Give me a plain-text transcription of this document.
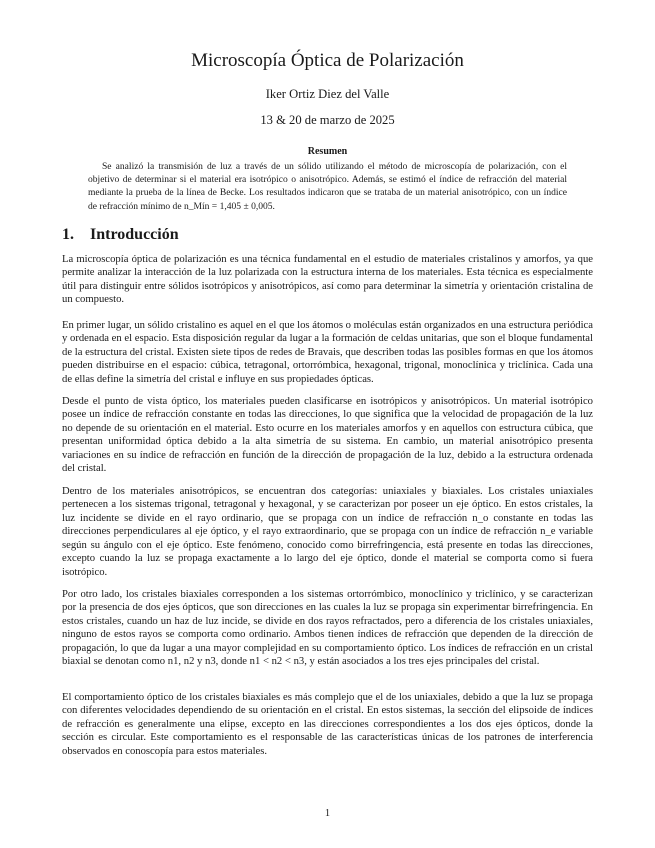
Microscopía Óptica de Polarización
Iker Ortiz Diez del Valle
13 & 20 de marzo de 2025
Resumen

Se analizó la transmisión de luz a través de un sólido utilizando el método de microscopía de polarización, con el objetivo de determinar si el material era isotrópico o anisotrópico. Además, se estimó el índice de refracción del material mediante la prueba de la línea de Becke. Los resultados indicaron que se trataba de un material anisotrópico, con un índice de refracción mínimo de n_Mín = 1,405 ± 0,005.

1. Introducción

La microscopía óptica de polarización es una técnica fundamental en el estudio de materiales cristalinos y amorfos, ya que permite analizar la interacción de la luz polarizada con la estructura interna de los materiales. Esta técnica es especialmente útil para distinguir entre sólidos isotrópicos y anisotrópicos, así como para determinar la simetría y orientación cristalina de un compuesto.

En primer lugar, un sólido cristalino es aquel en el que los átomos o moléculas están organizados en una estructura periódica y ordenada en el espacio. Esta disposición regular da lugar a la formación de celdas unitarias, que son el bloque fundamental de la estructura del cristal. Existen siete tipos de redes de Bravais, que describen todas las posibles formas en que los átomos pueden distribuirse en el espacio: cúbica, tetragonal, ortorrómbica, hexagonal, trigonal, monoclínica y triclínica. Cada una de ellas define la simetría del cristal e influye en sus propiedades ópticas.

Desde el punto de vista óptico, los materiales pueden clasificarse en isotrópicos y anisotrópicos. Un material isotrópico posee un índice de refracción constante en todas las direcciones, lo que significa que la velocidad de propagación de la luz no depende de su orientación en el material. Esto ocurre en los materiales amorfos y en aquellos con estructura cúbica, que presentan uniformidad óptica debido a la alta simetría de su sistema. En cambio, un material anisotrópico presenta variaciones en su índice de refracción en función de la dirección de propagación de la luz, debido a la estructura ordenada del cristal.

Dentro de los materiales anisotrópicos, se encuentran dos categorías: uniaxiales y biaxiales. Los cristales uniaxiales pertenecen a los sistemas trigonal, tetragonal y hexagonal, y se caracterizan por poseer un eje óptico. En estos cristales, la luz incidente se divide en el rayo ordinario, que se propaga con un índice de refracción n_o constante en todas las direcciones perpendiculares al eje óptico, y el rayo extraordinario, que se propaga con un índice de refracción n_e variable según su ángulo con el eje óptico. Este fenómeno, conocido como birrefringencia, está presente en todas las direcciones, excepto cuando la luz se propaga exactamente a lo largo del eje óptico, donde el material se comporta como si fuera isotrópico.

Por otro lado, los cristales biaxiales corresponden a los sistemas ortorrómbico, monoclínico y triclínico, y se caracterizan por la presencia de dos ejes ópticos, que son direcciones en las cuales la luz se propaga sin experimentar birrefringencia. En estos cristales, cuando un haz de luz incide, se divide en dos rayos refractados, pero a diferencia de los cristales uniaxiales, ninguno de estos rayos se comporta como ordinario. Ambos tienen índices de refracción que dependen de la dirección de propagación, lo que da lugar a una mayor complejidad en su comportamiento óptico. Los índices de refracción en un cristal biaxial se denotan como n1, n2 y n3, donde n1 < n2 < n3, y están asociados a los tres ejes principales del cristal.

El comportamiento óptico de los cristales biaxiales es más complejo que el de los uniaxiales, debido a que la luz se propaga con diferentes velocidades dependiendo de su orientación en el cristal. En estos sistemas, la sección del elipsoide de índices de refracción es generalmente una elipse, excepto en las direcciones correspondientes a los dos ejes ópticos, donde la sección es circular. Este comportamiento es el responsable de las características únicas de los patrones de interferencia observados en conoscopía para estos materiales.

1
